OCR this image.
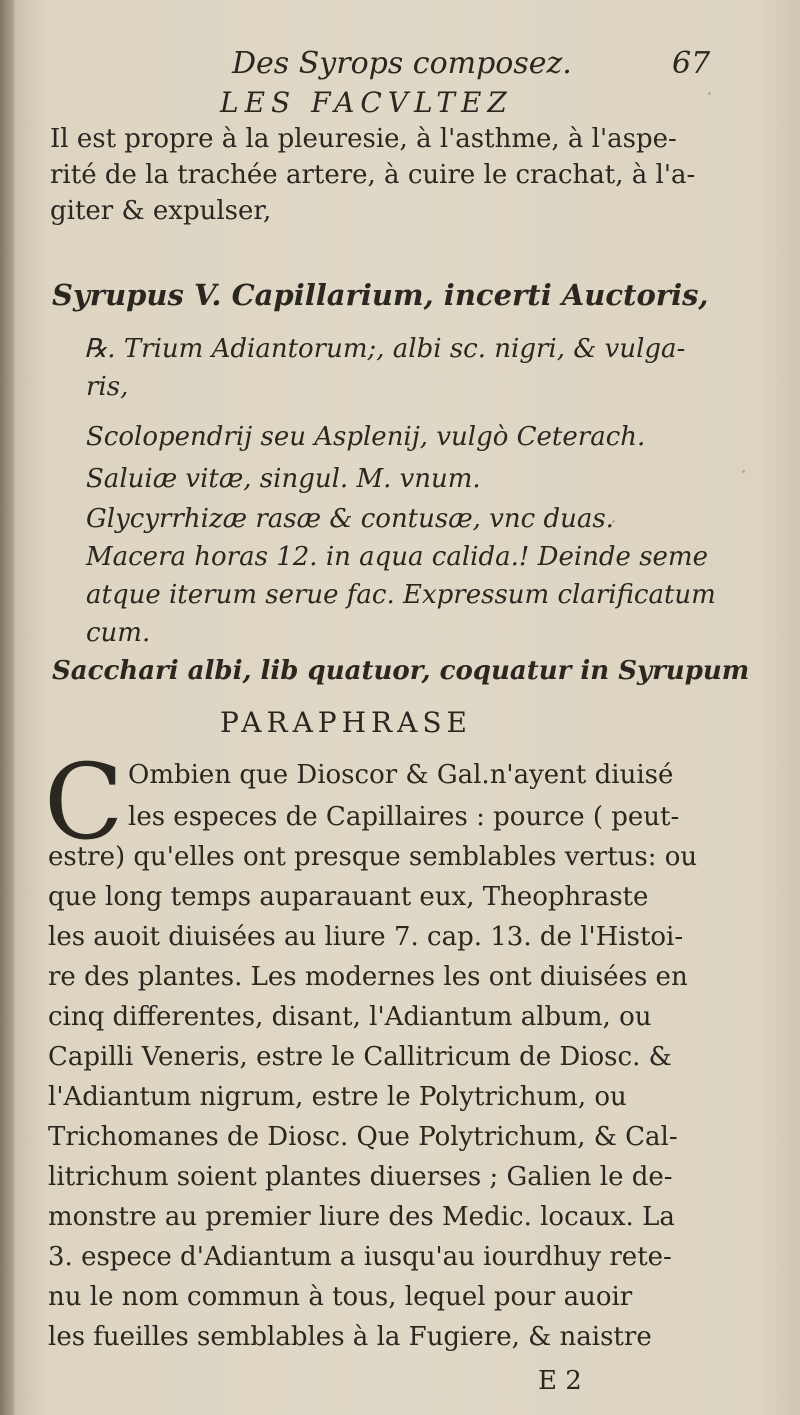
Des Syrops composez.	67
LES FACVLTEZ
Il est propre à la pleuresie, à l'asthme, à l'aspe-
rité de la trachée artere, à cuire le crachat, à l'a-
giter & expulser,
Syrupus V. Capillarium, incerti Auctoris,
℞. Trium Adiantorum;, albi sc. nigri, & vulga-
ris,
Scolopendrij seu Asplenij, vulgò Ceterach.
Saluiæ vitæ, singul. M. vnum.
Glycyrrhizæ rasæ & contusæ, vnc duas.
Macera horas 12. in aqua calida.! Deinde seme
atque iterum serue fac. Expressum clarificatum
cum.
Sacchari albi, lib quatuor, coquatur in Syrupum
PARAPHRASE
C Ombien que Dioscor & Gal.n'ayent diuisé
les especes de Capillaires : pource ( peut-
estre) qu'elles ont presque semblables vertus: ou
que long temps auparauant eux, Theophraste
les auoit diuisées au liure 7. cap. 13. de l'Histoi-
re des plantes. Les modernes les ont diuisées en
cinq differentes, disant, l'Adiantum album, ou
Capilli Veneris, estre le Callitricum de Diosc. &
l'Adiantum nigrum, estre le Polytrichum, ou
Trichomanes de Diosc. Que Polytrichum, & Cal-
litrichum soient plantes diuerses ; Galien le de-
monstre au premier liure des Medic. locaux. La
3. espece d'Adiantum a iusqu'au iourdhuy rete-
nu le nom commun à tous, lequel pour auoir
les fueilles semblables à la Fugiere, & naistre
E 2
